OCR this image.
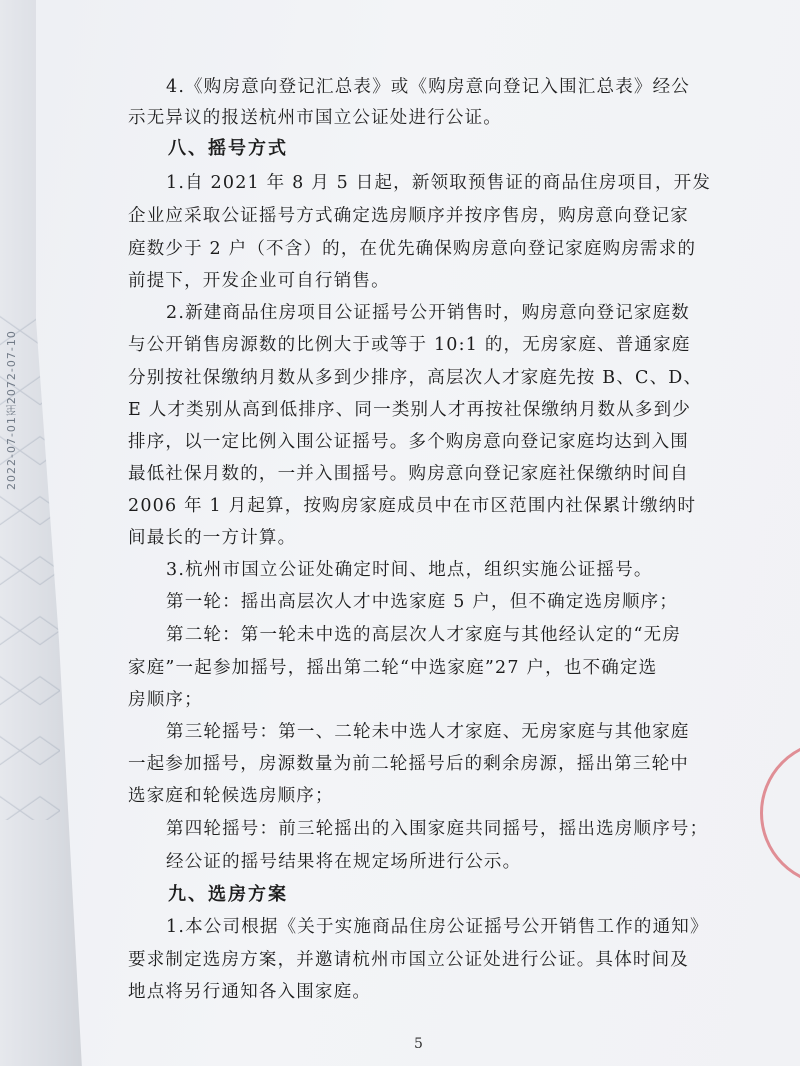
2022-07-01至2072-07-10
4.《购房意向登记汇总表》或《购房意向登记入围汇总表》经公
示无异议的报送杭州市国立公证处进行公证。
八、摇号方式
1.自 2021 年 8 月 5 日起，新领取预售证的商品住房项目，开发
企业应采取公证摇号方式确定选房顺序并按序售房，购房意向登记家
庭数少于 2 户（不含）的，在优先确保购房意向登记家庭购房需求的
前提下，开发企业可自行销售。
2.新建商品住房项目公证摇号公开销售时，购房意向登记家庭数
与公开销售房源数的比例大于或等于 10:1 的，无房家庭、普通家庭
分别按社保缴纳月数从多到少排序，高层次人才家庭先按 B、C、D、
E 人才类别从高到低排序、同一类别人才再按社保缴纳月数从多到少
排序，以一定比例入围公证摇号。多个购房意向登记家庭均达到入围
最低社保月数的，一并入围摇号。购房意向登记家庭社保缴纳时间自
2006 年 1 月起算，按购房家庭成员中在市区范围内社保累计缴纳时
间最长的一方计算。
3.杭州市国立公证处确定时间、地点，组织实施公证摇号。
第一轮：摇出高层次人才中选家庭 5 户，但不确定选房顺序；
第二轮：第一轮未中选的高层次人才家庭与其他经认定的“无房
家庭”一起参加摇号，摇出第二轮“中选家庭”27 户，也不确定选
房顺序；
第三轮摇号：第一、二轮未中选人才家庭、无房家庭与其他家庭
一起参加摇号，房源数量为前二轮摇号后的剩余房源，摇出第三轮中
选家庭和轮候选房顺序；
第四轮摇号：前三轮摇出的入围家庭共同摇号，摇出选房顺序号；
经公证的摇号结果将在规定场所进行公示。
九、选房方案
1.本公司根据《关于实施商品住房公证摇号公开销售工作的通知》
要求制定选房方案，并邀请杭州市国立公证处进行公证。具体时间及
地点将另行通知各入围家庭。
5
